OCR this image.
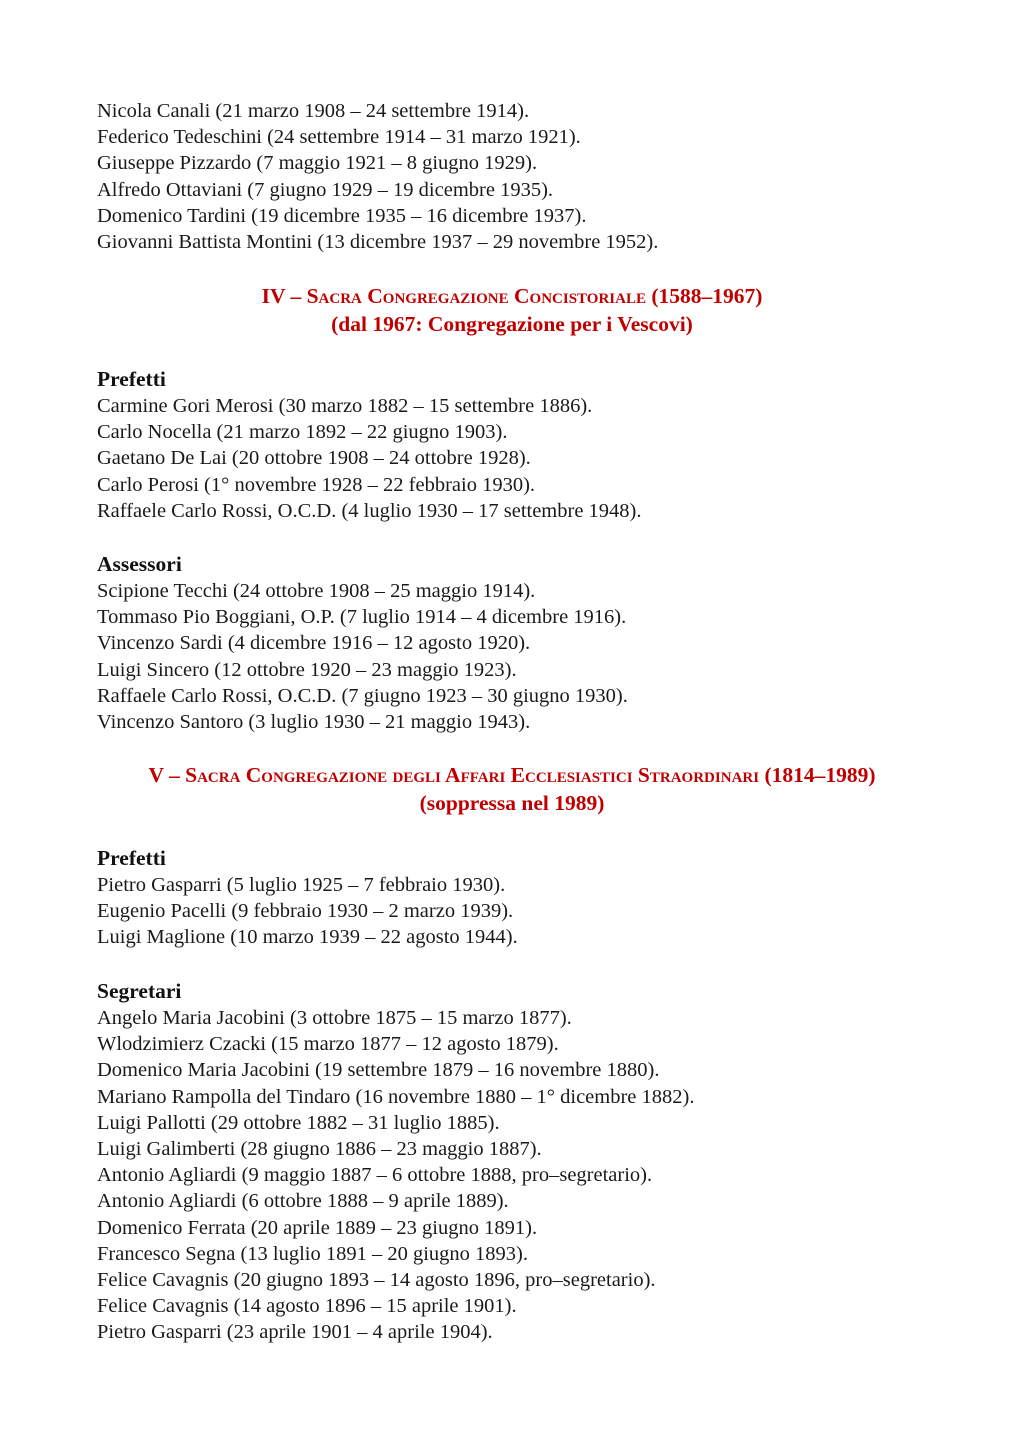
Nicola Canali (21 marzo 1908 – 24 settembre 1914).
Federico Tedeschini (24 settembre 1914 – 31 marzo 1921).
Giuseppe Pizzardo (7 maggio 1921 – 8 giugno 1929).
Alfredo Ottaviani (7 giugno 1929 – 19 dicembre 1935).
Domenico Tardini (19 dicembre 1935 – 16 dicembre 1937).
Giovanni Battista Montini (13 dicembre 1937 – 29 novembre 1952).
IV – Sacra Congregazione Concistoriale (1588–1967)
(dal 1967: Congregazione per i Vescovi)
Prefetti
Carmine Gori Merosi (30 marzo 1882 – 15 settembre 1886).
Carlo Nocella (21 marzo 1892 – 22 giugno 1903).
Gaetano De Lai (20 ottobre 1908 – 24 ottobre 1928).
Carlo Perosi (1° novembre 1928 – 22 febbraio 1930).
Raffaele Carlo Rossi, O.C.D. (4 luglio 1930 – 17 settembre 1948).
Assessori
Scipione Tecchi (24 ottobre 1908 – 25 maggio 1914).
Tommaso Pio Boggiani, O.P. (7 luglio 1914 – 4 dicembre 1916).
Vincenzo Sardi (4 dicembre 1916 – 12 agosto 1920).
Luigi Sincero (12 ottobre 1920 – 23 maggio 1923).
Raffaele Carlo Rossi, O.C.D. (7 giugno 1923 – 30 giugno 1930).
Vincenzo Santoro (3 luglio 1930 – 21 maggio 1943).
V – Sacra Congregazione degli Affari Ecclesiastici Straordinari (1814–1989)
(soppressa nel 1989)
Prefetti
Pietro Gasparri (5 luglio 1925 – 7 febbraio 1930).
Eugenio Pacelli (9 febbraio 1930 – 2 marzo 1939).
Luigi Maglione (10 marzo 1939 – 22 agosto 1944).
Segretari
Angelo Maria Jacobini (3 ottobre 1875 – 15 marzo 1877).
Wlodzimierz Czacki (15 marzo 1877 – 12 agosto 1879).
Domenico Maria Jacobini (19 settembre 1879 – 16 novembre 1880).
Mariano Rampolla del Tindaro (16 novembre 1880 – 1° dicembre 1882).
Luigi Pallotti (29 ottobre 1882 – 31 luglio 1885).
Luigi Galimberti (28 giugno 1886 – 23 maggio 1887).
Antonio Agliardi (9 maggio 1887 – 6 ottobre 1888, pro–segretario).
Antonio Agliardi (6 ottobre 1888 – 9 aprile 1889).
Domenico Ferrata (20 aprile 1889 – 23 giugno 1891).
Francesco Segna (13 luglio 1891 – 20 giugno 1893).
Felice Cavagnis (20 giugno 1893 – 14 agosto 1896, pro–segretario).
Felice Cavagnis (14 agosto 1896 – 15 aprile 1901).
Pietro Gasparri (23 aprile 1901 – 4 aprile 1904).
